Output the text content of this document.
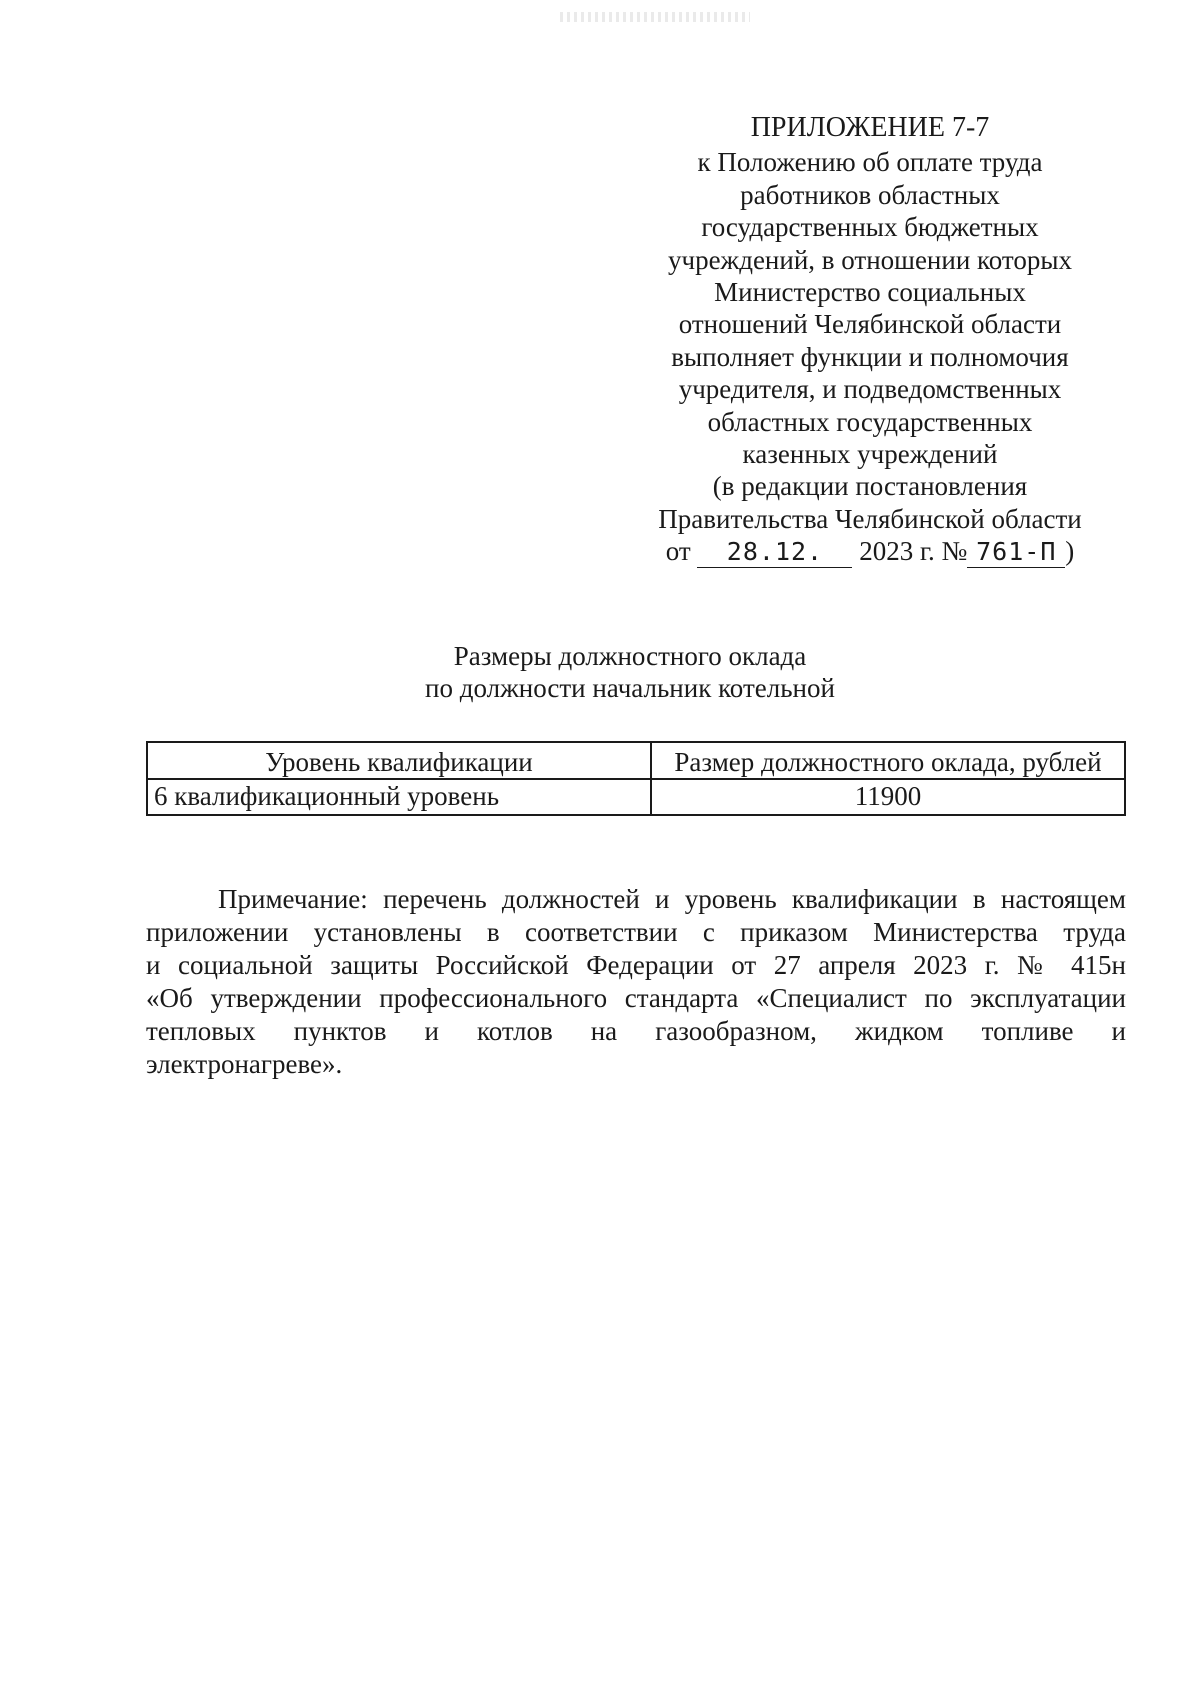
ПРИЛОЖЕНИЕ 7-7
к Положению об оплате труда
работников областных
государственных бюджетных
учреждений, в отношении которых
Министерство социальных
отношений Челябинской области
выполняет функции и полномочия
учредителя, и подведомственных
областных государственных
казенных учреждений
(в редакции постановления
Правительства Челябинской области
от 28.12. 2023 г. № 761-П )
Размеры должностного оклада
по должности начальник котельной
Уровень квалификации	Размер должностного оклада, рублей
6 квалификационный уровень	11900
Примечание: перечень должностей и уровень квалификации в настоящем
приложении установлены в соответствии с приказом Министерства труда
и социальной защиты Российской Федерации от 27 апреля 2023 г. № 415н
«Об утверждении профессионального стандарта «Специалист по эксплуатации
тепловых пунктов и котлов на газообразном, жидком топливе и
электронагреве».
